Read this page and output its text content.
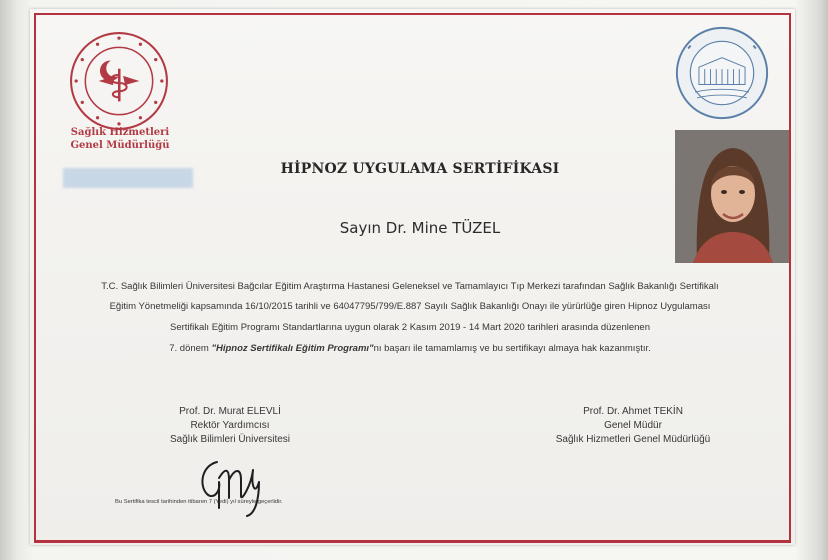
Sağlık Hizmetleri
Genel Müdürlüğü
HİPNOZ UYGULAMA SERTİFİKASI
Sayın Dr. Mine TÜZEL
T.C. Sağlık Bilimleri Üniversitesi Bağcılar Eğitim Araştırma Hastanesi Geleneksel ve Tamamlayıcı Tıp Merkezi tarafından Sağlık Bakanlığı Sertifikalı
Eğitim Yönetmeliği kapsamında 16/10/2015 tarihli ve 64047795/799/E.887 Sayılı Sağlık Bakanlığı Onayı ile yürürlüğe giren Hipnoz Uygulaması
Sertifikalı Eğitim Programı Standartlarına uygun olarak 2 Kasım 2019 - 14 Mart 2020 tarihleri arasında düzenlenen
7. dönem "Hipnoz Sertifikalı Eğitim Programı"nı başarı ile tamamlamış ve bu sertifikayı almaya hak kazanmıştır.
Prof. Dr. Murat ELEVLİ
Rektör Yardımcısı
Sağlık Bilimleri Üniversitesi
Prof. Dr. Ahmet TEKİN
Genel Müdür
Sağlık Hizmetleri Genel Müdürlüğü
Bu Sertifika tescil tarihinden itibaren 7 (Yedi) yıl süreyle geçerlidir.
